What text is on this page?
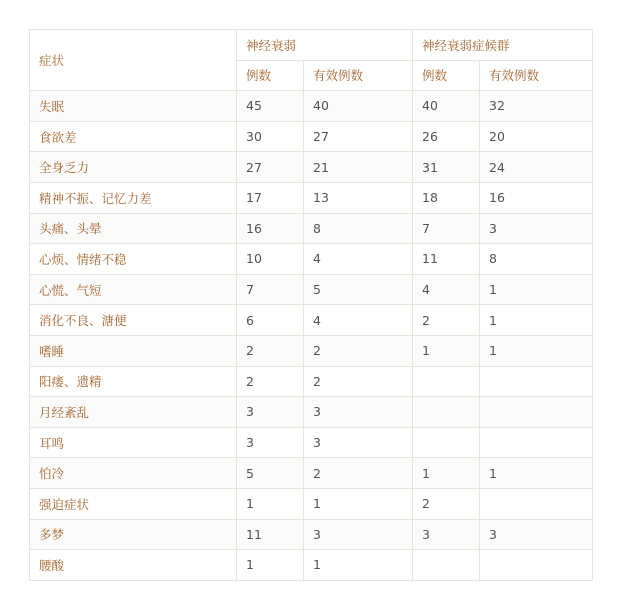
症状	神经衰弱		神经衰弱症候群	
	例数	有效例数	例数	有效例数
失眠	45	40	40	32
食欲差	30	27	26	20
全身乏力	27	21	31	24
精神不振、记忆力差	17	13	18	16
头痛、头晕	16	8	7	3
心烦、情绪不稳	10	4	11	8
心慌、气短	7	5	4	1
消化不良、溏便	6	4	2	1
嗜睡	2	2	1	1
阳痿、遗精	2	2		
月经紊乱	3	3		
耳鸣	3	3		
怕冷	5	2	1	1
强迫症状	1	1	2	
多梦	11	3	3	3
腰酸	1	1		
